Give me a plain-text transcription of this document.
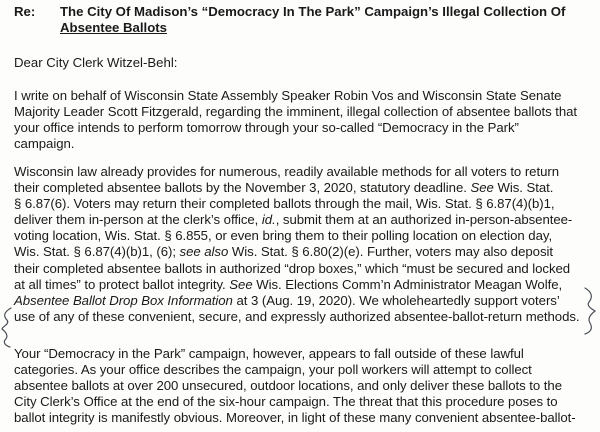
Re: The City Of Madison’s “Democracy In The Park” Campaign’s Illegal Collection Of
Absentee Ballots
Dear City Clerk Witzel-Behl:
I write on behalf of Wisconsin State Assembly Speaker Robin Vos and Wisconsin State Senate
Majority Leader Scott Fitzgerald, regarding the imminent, illegal collection of absentee ballots that
your office intends to perform tomorrow through your so-called “Democracy in the Park”
campaign.
Wisconsin law already provides for numerous, readily available methods for all voters to return
their completed absentee ballots by the November 3, 2020, statutory deadline. See Wis. Stat.
§ 6.87(6). Voters may return their completed ballots through the mail, Wis. Stat. § 6.87(4)(b)1,
deliver them in-person at the clerk’s office, id., submit them at an authorized in-person-absentee-
voting location, Wis. Stat. § 6.855, or even bring them to their polling location on election day,
Wis. Stat. § 6.87(4)(b)1, (6); see also Wis. Stat. § 6.80(2)(e). Further, voters may also deposit
their completed absentee ballots in authorized “drop boxes,” which “must be secured and locked
at all times” to protect ballot integrity. See Wis. Elections Comm’n Administrator Meagan Wolfe,
Absentee Ballot Drop Box Information at 3 (Aug. 19, 2020). We wholeheartedly support voters’
use of any of these convenient, secure, and expressly authorized absentee-ballot-return methods.
Your “Democracy in the Park” campaign, however, appears to fall outside of these lawful
categories. As your office describes the campaign, your poll workers will attempt to collect
absentee ballots at over 200 unsecured, outdoor locations, and only deliver these ballots to the
City Clerk’s Office at the end of the six-hour campaign. The threat that this procedure poses to
ballot integrity is manifestly obvious. Moreover, in light of these many convenient absentee-ballot-
